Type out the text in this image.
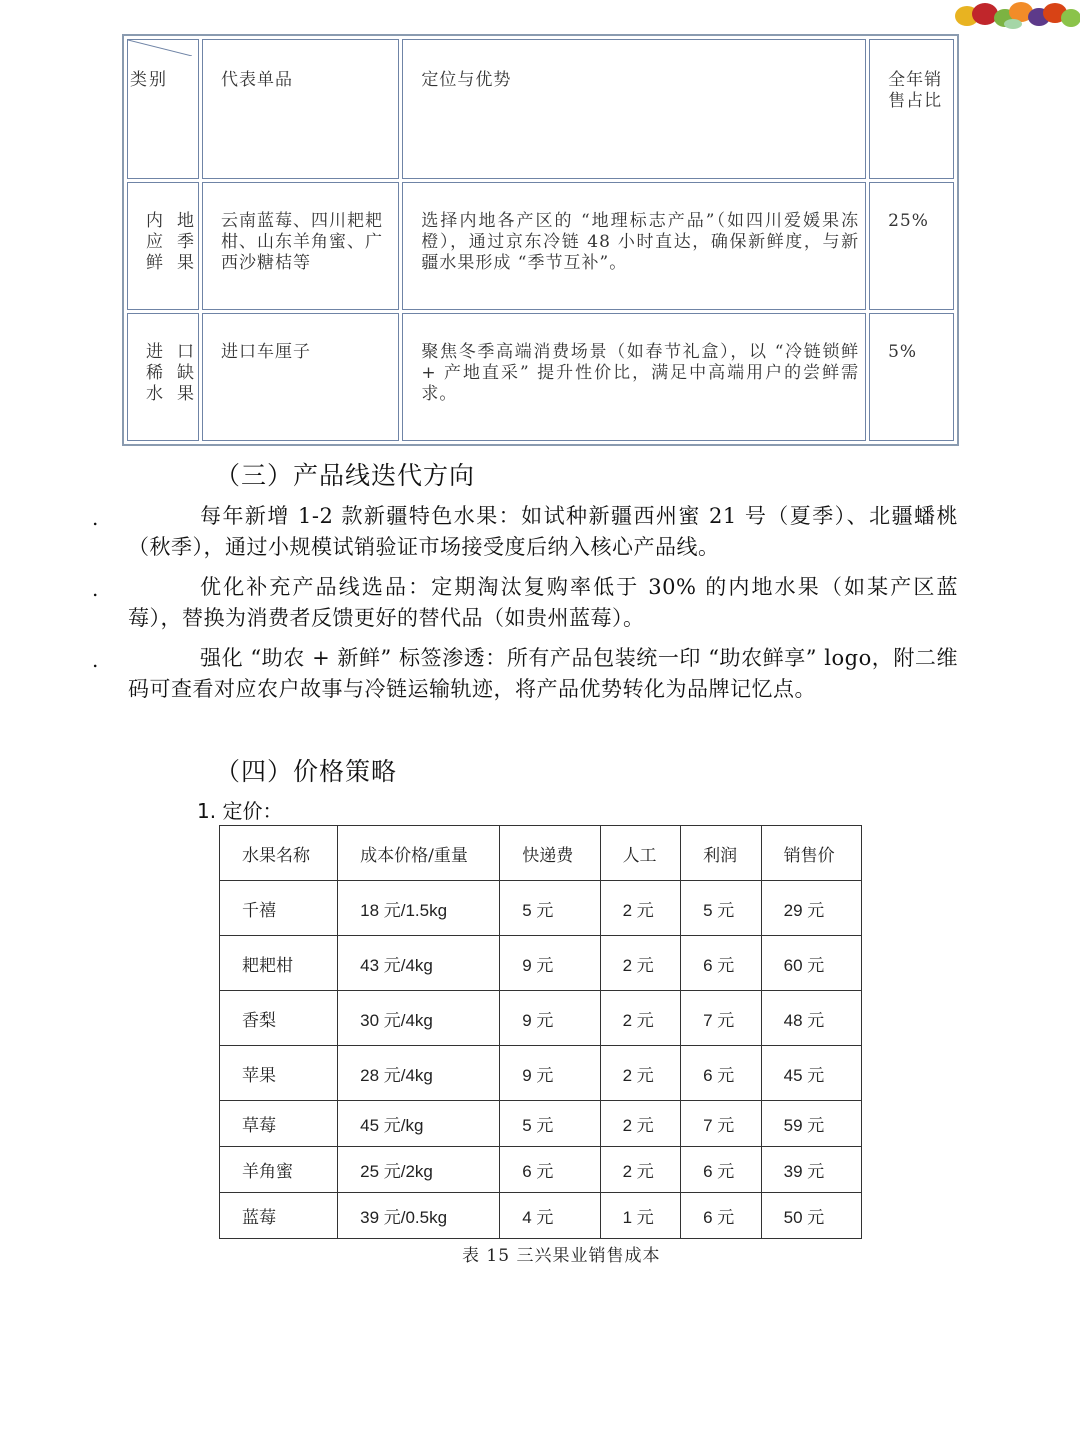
类别	代表单品	定位与优势	全年销售占比
内地应季鲜果	云南蓝莓、四川耙耙柑、山东羊角蜜、广西沙糖桔等	选择内地各产区的 “地理标志产品”（如四川爱媛果冻橙），通过京东冷链 48 小时直达，确保新鲜度，与新疆水果形成 “季节互补”。	25%
进口稀缺水果	进口车厘子	聚焦冬季高端消费场景（如春节礼盒），以 “冷链锁鲜 + 产地直采” 提升性价比，满足中高端用户的尝鲜需求。	5%
（三）产品线迭代方向
.	每年新增 1-2 款新疆特色水果：如试种新疆西州蜜 21 号（夏季）、北疆蟠桃（秋季），通过小规模试销验证市场接受度后纳入核心产品线。
.	优化补充产品线选品：定期淘汰复购率低于 30% 的内地水果（如某产区蓝莓），替换为消费者反馈更好的替代品（如贵州蓝莓）。
.	强化 “助农 + 新鲜” 标签渗透：所有产品包装统一印 “助农鲜享” logo，附二维码可查看对应农户故事与冷链运输轨迹，将产品优势转化为品牌记忆点。
（四）价格策略
1. 定价：
水果名称	成本价格/重量	快递费	人工	利润	销售价
千禧	18 元/1.5kg	5 元	2 元	5 元	29 元
耙耙柑	43 元/4kg	9 元	2 元	6 元	60 元
香梨	30 元/4kg	9 元	2 元	7 元	48 元
苹果	28 元/4kg	9 元	2 元	6 元	45 元
草莓	45 元/kg	5 元	2 元	7 元	59 元
羊角蜜	25 元/2kg	6 元	2 元	6 元	39 元
蓝莓	39 元/0.5kg	4 元	1 元	6 元	50 元
表 15 三兴果业销售成本
